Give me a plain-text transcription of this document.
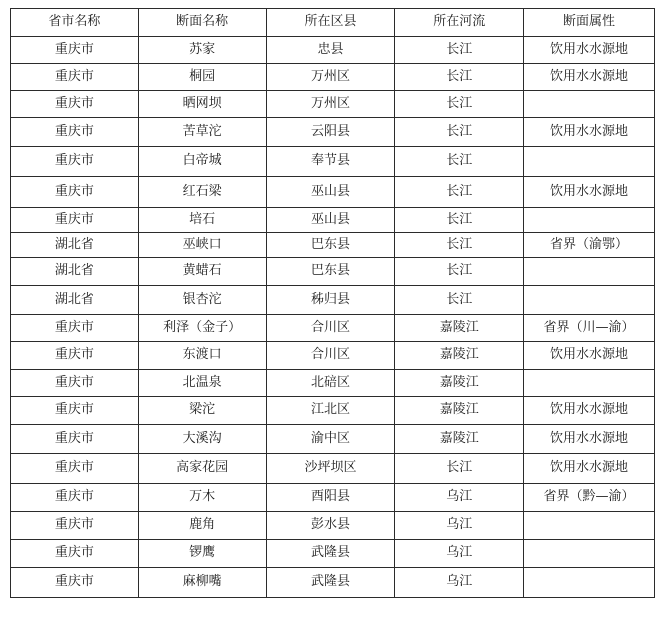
省市名称	断面名称	所在区县	所在河流	断面属性
重庆市	苏家	忠县	长江	饮用水水源地
重庆市	桐园	万州区	长江	饮用水水源地
重庆市	晒网坝	万州区	长江	
重庆市	苦草沱	云阳县	长江	饮用水水源地
重庆市	白帝城	奉节县	长江	
重庆市	红石梁	巫山县	长江	饮用水水源地
重庆市	培石	巫山县	长江	
湖北省	巫峡口	巴东县	长江	省界（渝鄂）
湖北省	黄蜡石	巴东县	长江	
湖北省	银杏沱	秭归县	长江	
重庆市	利泽（金子）	合川区	嘉陵江	省界（川—渝）
重庆市	东渡口	合川区	嘉陵江	饮用水水源地
重庆市	北温泉	北碚区	嘉陵江	
重庆市	梁沱	江北区	嘉陵江	饮用水水源地
重庆市	大溪沟	渝中区	嘉陵江	饮用水水源地
重庆市	高家花园	沙坪坝区	长江	饮用水水源地
重庆市	万木	酉阳县	乌江	省界（黔—渝）
重庆市	鹿角	彭水县	乌江	
重庆市	锣鹰	武隆县	乌江	
重庆市	麻柳嘴	武隆县	乌江	
